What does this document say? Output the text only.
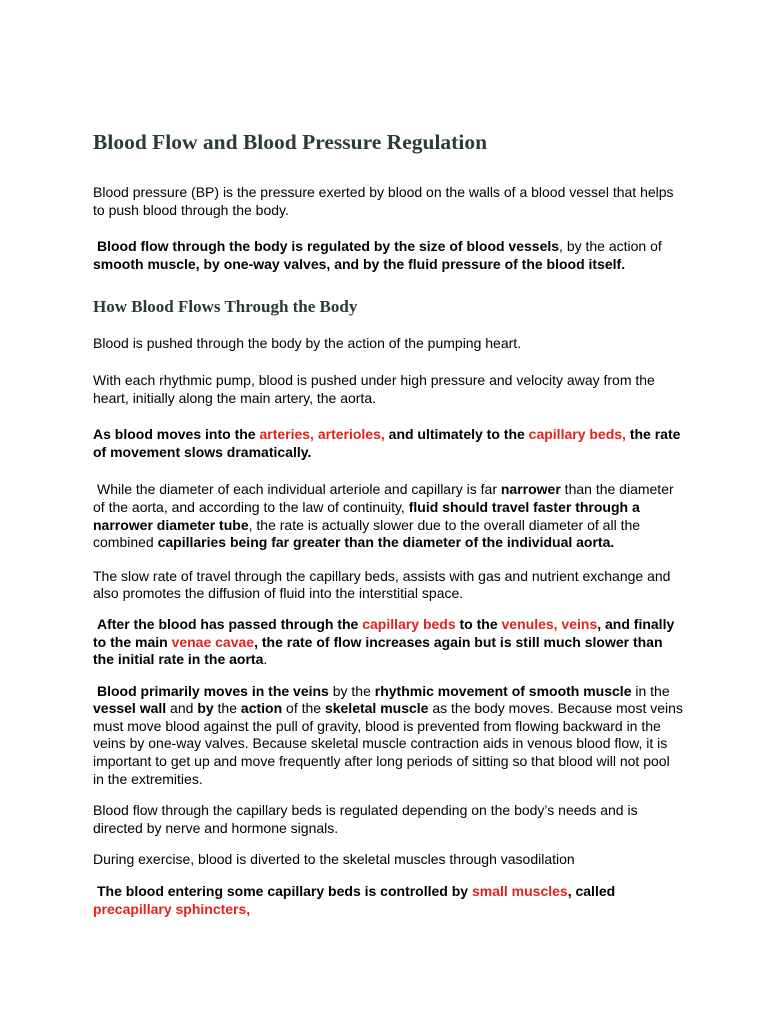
Blood Flow and Blood Pressure Regulation

Blood pressure (BP) is the pressure exerted by blood on the walls of a blood vessel that helps to push blood through the body.

Blood flow through the body is regulated by the size of blood vessels, by the action of
smooth muscle, by one-way valves, and by the fluid pressure of the blood itself.

How Blood Flows Through the Body

Blood is pushed through the body by the action of the pumping heart.

With each rhythmic pump, blood is pushed under high pressure and velocity away from the heart, initially along the main artery, the aorta.

As blood moves into the arteries, arterioles, and ultimately to the capillary beds, the rate of movement slows dramatically.

While the diameter of each individual arteriole and capillary is far narrower than the diameter of the aorta, and according to the law of continuity, fluid should travel faster through a narrower diameter tube, the rate is actually slower due to the overall diameter of all the combined capillaries being far greater than the diameter of the individual aorta.

The slow rate of travel through the capillary beds, assists with gas and nutrient exchange and also promotes the diffusion of fluid into the interstitial space.

After the blood has passed through the capillary beds to the venules, veins, and finally to the main venae cavae, the rate of flow increases again but is still much slower than the initial rate in the aorta.

Blood primarily moves in the veins by the rhythmic movement of smooth muscle in the vessel wall and by the action of the skeletal muscle as the body moves. Because most veins must move blood against the pull of gravity, blood is prevented from flowing backward in the veins by one-way valves. Because skeletal muscle contraction aids in venous blood flow, it is important to get up and move frequently after long periods of sitting so that blood will not pool in the extremities.

Blood flow through the capillary beds is regulated depending on the body’s needs and is directed by nerve and hormone signals.

During exercise, blood is diverted to the skeletal muscles through vasodilation

The blood entering some capillary beds is controlled by small muscles, called
precapillary sphincters,
